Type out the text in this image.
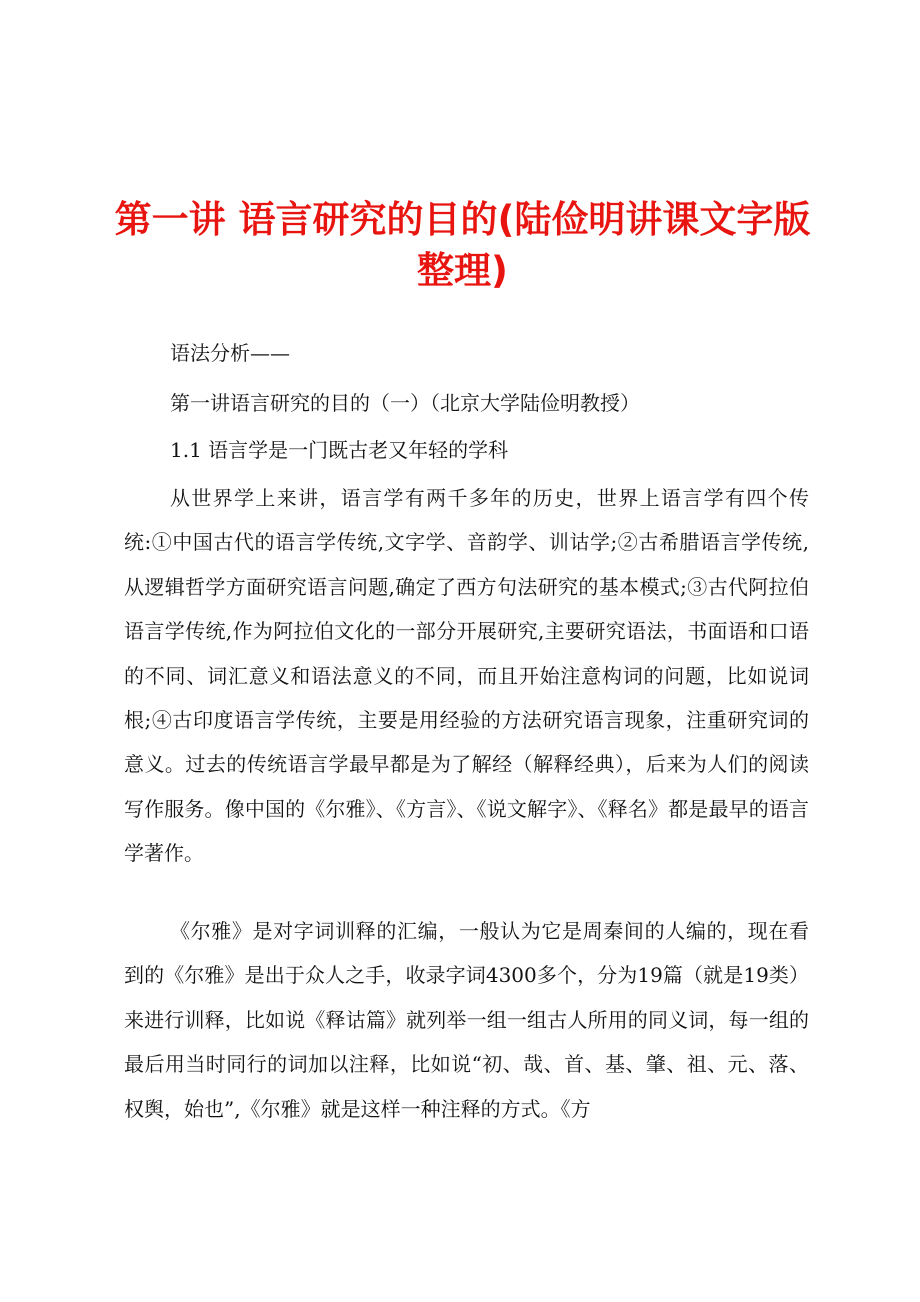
第一讲 语言研究的目的(陆俭明讲课文字版整理)

语法分析——

第一讲语言研究的目的（一）（北京大学陆俭明教授）

1.1 语言学是一门既古老又年轻的学科

从世界学上来讲，语言学有两千多年的历史，世界上语言学有四个传统:①中国古代的语言学传统,文字学、音韵学、训诂学;②古希腊语言学传统,从逻辑哲学方面研究语言问题,确定了西方句法研究的基本模式;③古代阿拉伯语言学传统,作为阿拉伯文化的一部分开展研究,主要研究语法，书面语和口语的不同、词汇意义和语法意义的不同，而且开始注意构词的问题，比如说词根;④古印度语言学传统，主要是用经验的方法研究语言现象，注重研究词的意义。过去的传统语言学最早都是为了解经（解释经典），后来为人们的阅读写作服务。像中国的《尔雅》、《方言》、《说文解字》、《释名》都是最早的语言学著作。

《尔雅》是对字词训释的汇编，一般认为它是周秦间的人编的，现在看到的《尔雅》是出于众人之手，收录字词4300多个，分为19篇（就是19类）来进行训释，比如说《释诂篇》就列举一组一组古人所用的同义词，每一组的最后用当时同行的词加以注释，比如说“初、哉、首、基、肇、祖、元、落、权舆，始也”,《尔雅》就是这样一种注释的方式。《方
